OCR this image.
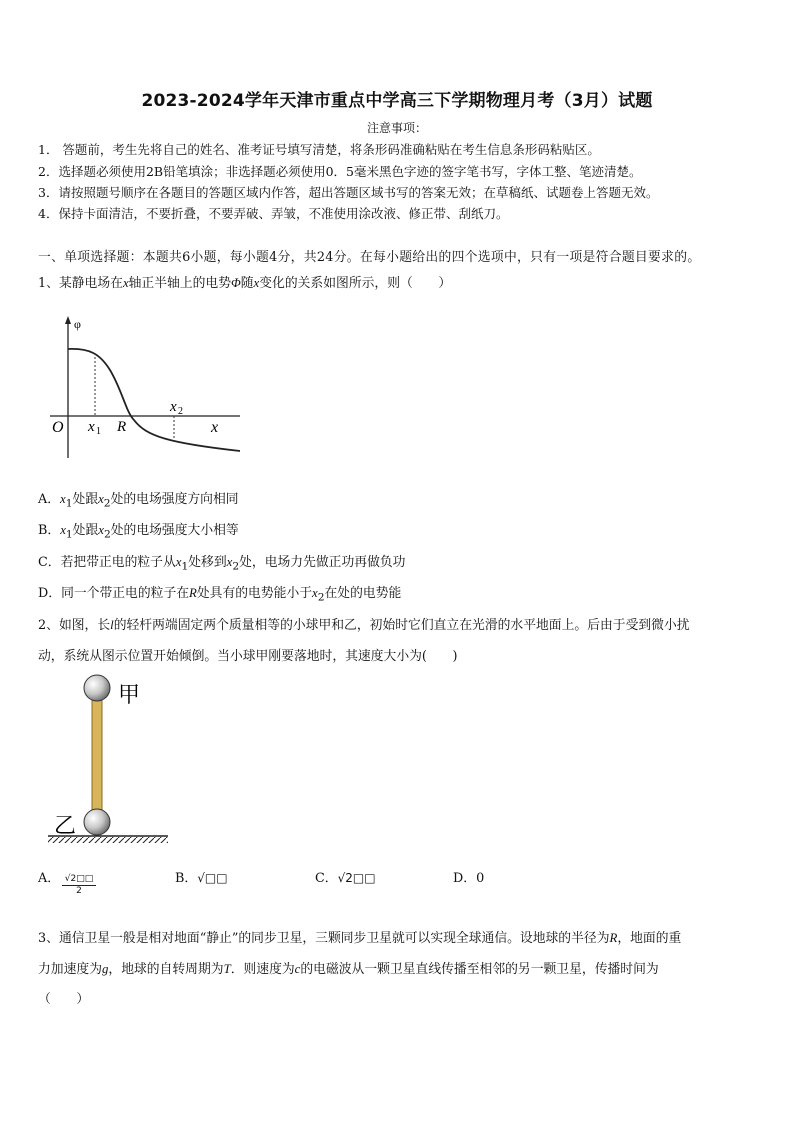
2023-2024学年天津市重点中学高三下学期物理月考（3月）试题
注意事项：
1． 答题前，考生先将自己的姓名、准考证号填写清楚，将条形码准确粘贴在考生信息条形码粘贴区。
2．选择题必须使用2B铅笔填涂；非选择题必须使用0．5毫米黑色字迹的签字笔书写，字体工整、笔迹清楚。
3．请按照题号顺序在各题目的答题区域内作答，超出答题区域书写的答案无效；在草稿纸、试题卷上答题无效。
4．保持卡面清洁，不要折叠，不要弄破、弄皱，不准使用涂改液、修正带、刮纸刀。
一、单项选择题：本题共6小题，每小题4分，共24分。在每小题给出的四个选项中，只有一项是符合题目要求的。
1、某静电场在x轴正半轴上的电势Φ随x变化的关系如图所示，则（　　）
φ
O x 1 R
x 2
x
A．$x_1$处跟$x_2$处的电场强度方向相同
B．$x_1$处跟$x_2$处的电场强度大小相等
C．若把带正电的粒子从$x_1$处移到$x_2$处，电场力先做正功再做负功
D．同一个带正电的粒子在R处具有的电势能小于$x_2$在处的电势能
2、如图，长l的轻杆两端固定两个质量相等的小球甲和乙，初始时它们直立在光滑的水平地面上。后由于受到微小扰
动，系统从图示位置开始倾倒。当小球甲刚要落地时，其速度大小为(　　)
甲
乙
A． $\frac{√2□□}{2}$	B．√□□	C．√2□□	D．0
3、通信卫星一般是相对地面“静止”的同步卫星，三颗同步卫星就可以实现全球通信。设地球的半径为R，地面的重
力加速度为g，地球的自转周期为T．则速度为c的电磁波从一颗卫星直线传播至相邻的另一颗卫星，传播时间为
（　　）
